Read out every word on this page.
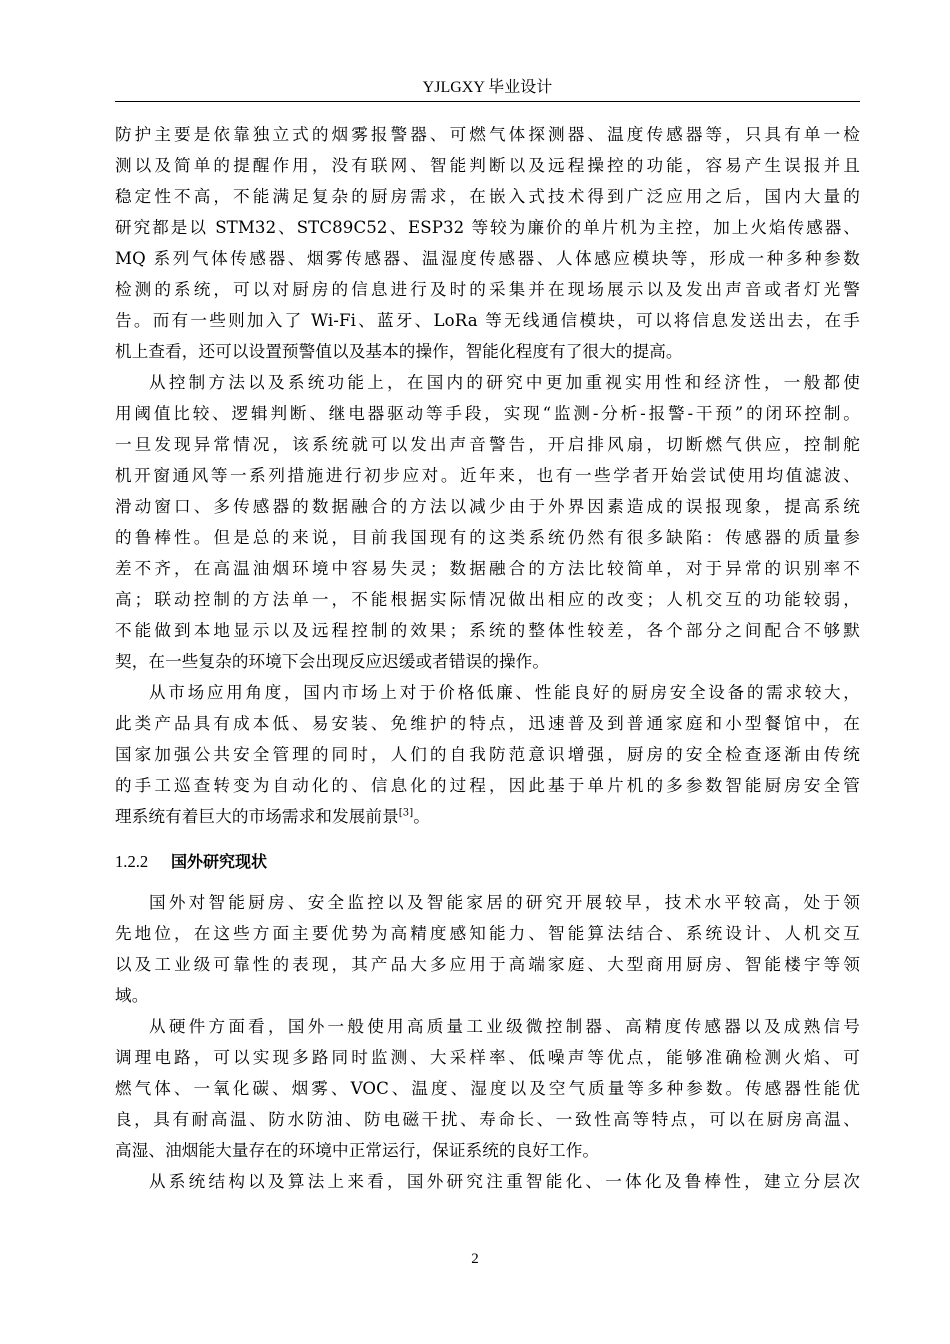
YJLGXY 毕业设计

防护主要是依靠独立式的烟雾报警器、可燃气体探测器、温度传感器等，只具有单一检
测以及简单的提醒作用，没有联网、智能判断以及远程操控的功能，容易产生误报并且
稳定性不高，不能满足复杂的厨房需求，在嵌入式技术得到广泛应用之后，国内大量的
研究都是以 STM32、STC89C52、ESP32 等较为廉价的单片机为主控，加上火焰传感器、
MQ 系列气体传感器、烟雾传感器、温湿度传感器、人体感应模块等，形成一种多种参数
检测的系统，可以对厨房的信息进行及时的采集并在现场展示以及发出声音或者灯光警
告。而有一些则加入了 Wi-Fi、蓝牙、LoRa 等无线通信模块，可以将信息发送出去，在手
机上查看，还可以设置预警值以及基本的操作，智能化程度有了很大的提高。

从控制方法以及系统功能上，在国内的研究中更加重视实用性和经济性，一般都使
用阈值比较、逻辑判断、继电器驱动等手段，实现“监测-分析-报警-干预”的闭环控制。
一旦发现异常情况，该系统就可以发出声音警告，开启排风扇，切断燃气供应，控制舵
机开窗通风等一系列措施进行初步应对。近年来，也有一些学者开始尝试使用均值滤波、
滑动窗口、多传感器的数据融合的方法以减少由于外界因素造成的误报现象，提高系统
的鲁棒性。但是总的来说，目前我国现有的这类系统仍然有很多缺陷：传感器的质量参
差不齐，在高温油烟环境中容易失灵；数据融合的方法比较简单，对于异常的识别率不
高；联动控制的方法单一，不能根据实际情况做出相应的改变；人机交互的功能较弱，
不能做到本地显示以及远程控制的效果；系统的整体性较差，各个部分之间配合不够默
契，在一些复杂的环境下会出现反应迟缓或者错误的操作。

从市场应用角度，国内市场上对于价格低廉、性能良好的厨房安全设备的需求较大，
此类产品具有成本低、易安装、免维护的特点，迅速普及到普通家庭和小型餐馆中，在
国家加强公共安全管理的同时，人们的自我防范意识增强，厨房的安全检查逐渐由传统
的手工巡查转变为自动化的、信息化的过程，因此基于单片机的多参数智能厨房安全管
理系统有着巨大的市场需求和发展前景[3]。

1.2.2 国外研究现状

国外对智能厨房、安全监控以及智能家居的研究开展较早，技术水平较高，处于领
先地位，在这些方面主要优势为高精度感知能力、智能算法结合、系统设计、人机交互
以及工业级可靠性的表现，其产品大多应用于高端家庭、大型商用厨房、智能楼宇等领
域。

从硬件方面看，国外一般使用高质量工业级微控制器、高精度传感器以及成熟信号
调理电路，可以实现多路同时监测、大采样率、低噪声等优点，能够准确检测火焰、可
燃气体、一氧化碳、烟雾、VOC、温度、湿度以及空气质量等多种参数。传感器性能优
良，具有耐高温、防水防油、防电磁干扰、寿命长、一致性高等特点，可以在厨房高温、
高湿、油烟能大量存在的环境中正常运行，保证系统的良好工作。

从系统结构以及算法上来看，国外研究注重智能化、一体化及鲁棒性，建立分层次

2
